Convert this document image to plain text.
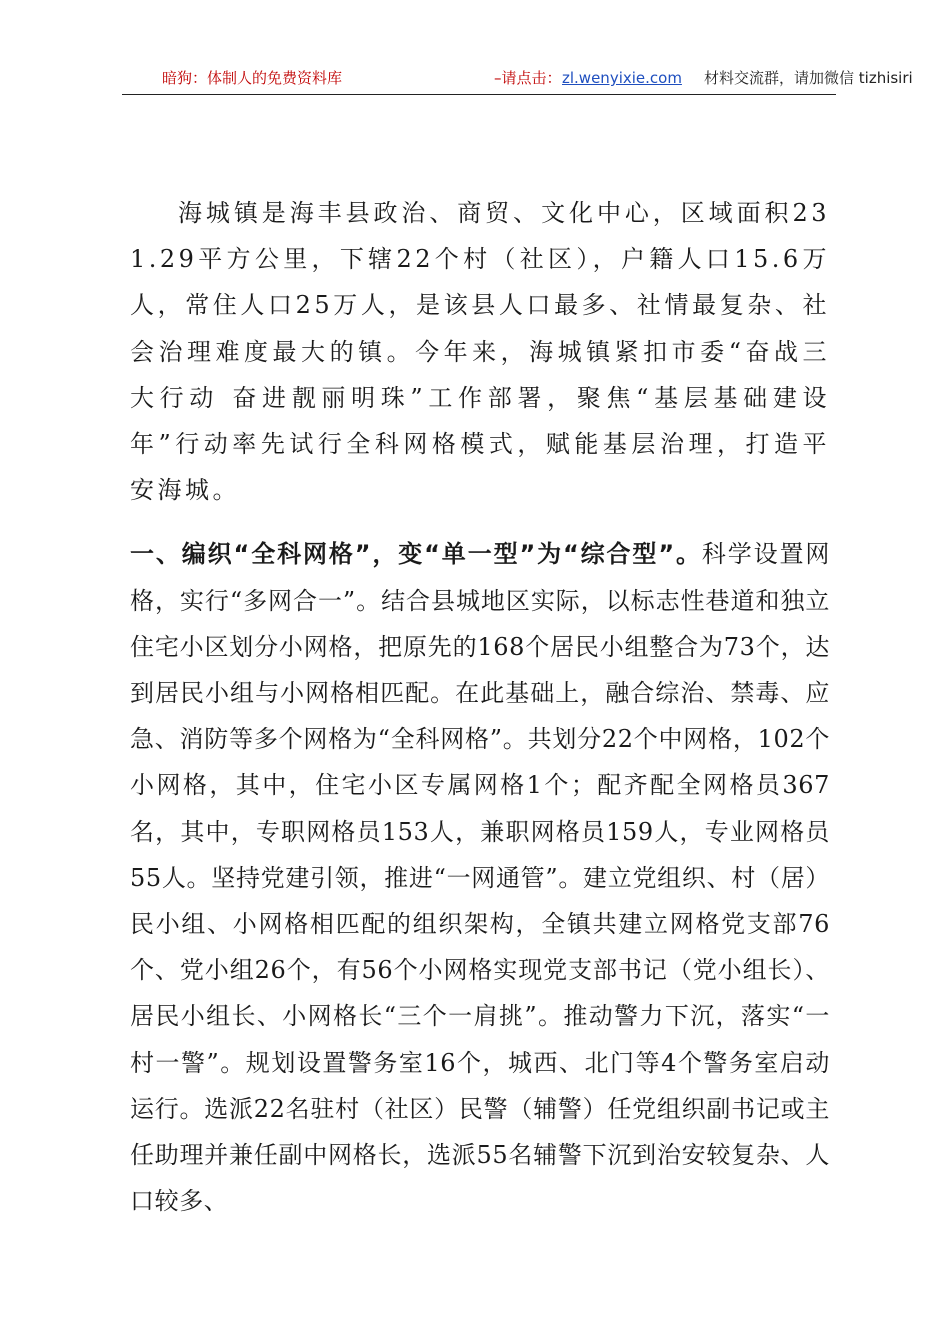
暗狗：体制人的免费资料库	–请点击： zl.wenyixie.com 材料交流群，请加微信 tizhisiri

海城镇是海丰县政治、商贸、文化中心，区域面积231.29平方公里，下辖22个村（社区），户籍人口15.6万人，常住人口25万人，是该县人口最多、社情最复杂、社会治理难度最大的镇。今年来，海城镇紧扣市委“奋战三大行动 奋进靓丽明珠”工作部署，聚焦“基层基础建设年”行动率先试行全科网格模式，赋能基层治理，打造平安海城。

一、编织“全科网格”，变“单一型”为“综合型”。科学设置网格，实行“多网合一”。结合县城地区实际，以标志性巷道和独立住宅小区划分小网格，把原先的168个居民小组整合为73个，达到居民小组与小网格相匹配。在此基础上，融合综治、禁毒、应急、消防等多个网格为“全科网格”。共划分22个中网格，102个小网格，其中，住宅小区专属网格1个；配齐配全网格员367名，其中，专职网格员153人，兼职网格员159人，专业网格员55人。坚持党建引领，推进“一网通管”。建立党组织、村（居）民小组、小网格相匹配的组织架构，全镇共建立网格党支部76个、党小组26个，有56个小网格实现党支部书记（党小组长）、居民小组长、小网格长“三个一肩挑”。推动警力下沉，落实“一村一警”。规划设置警务室16个，城西、北门等4个警务室启动运行。选派22名驻村（社区）民警（辅警）任党组织副书记或主任助理并兼任副中网格长，选派55名辅警下沉到治安较复杂、人口较多、
